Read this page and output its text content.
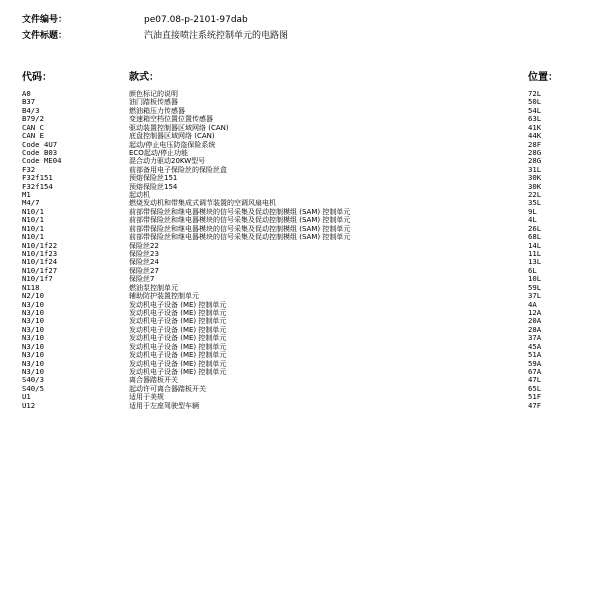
文件编号：	pe07.08-p-2101-97dab
文件标题：	汽油直接喷注系统控制单元的电路图
代码：	款式：	位置：
A0	颜色标记的说明	72L
B37	油门踏板传感器	50L
B4/3	燃油箱压力传感器	54L
B79/2	变速箱空档位置位置传感器	63L
CAN C	驱动装置控制器区域网络 (CAN)	41K
CAN E	底盘控制器区域网络 (CAN)	44K
Code 4U7	起动/停止电压防盗保险系统	28F
Code B03	ECO起动/停止功能	28G
Code ME04	混合动力驱动20KW型号	28G
F32	前部备用电子保险丝的保险丝盒	31L
F32f151	预熔保险丝151	30K
F32f154	预熔保险丝154	30K
M1	起动机	22L
M4/7	燃烧发动机和带集成式调节装置的空调风扇电机	35L
N10/1	前部带保险丝和继电器模块的信号采集及促动控制模组 (SAM) 控制单元	9L
N10/1	前部带保险丝和继电器模块的信号采集及促动控制模组 (SAM) 控制单元	4L
N10/1	前部带保险丝和继电器模块的信号采集及促动控制模组 (SAM) 控制单元	26L
N10/1	前部带保险丝和继电器模块的信号采集及促动控制模组 (SAM) 控制单元	68L
N10/1f22	保险丝22	14L
N10/1f23	保险丝23	11L
N10/1f24	保险丝24	13L
N10/1f27	保险丝27	6L
N10/1f7	保险丝7	10L
N118	燃油泵控制单元	59L
N2/10	辅助防护装置控制单元	37L
N3/10	发动机电子设备 (ME) 控制单元	4A
N3/10	发动机电子设备 (ME) 控制单元	12A
N3/10	发动机电子设备 (ME) 控制单元	20A
N3/10	发动机电子设备 (ME) 控制单元	28A
N3/10	发动机电子设备 (ME) 控制单元	37A
N3/10	发动机电子设备 (ME) 控制单元	45A
N3/10	发动机电子设备 (ME) 控制单元	51A
N3/10	发动机电子设备 (ME) 控制单元	59A
N3/10	发动机电子设备 (ME) 控制单元	67A
S40/3	离合器踏板开关	47L
S40/5	起动许可离合器踏板开关	65L
U1	适用于美规	51F
U12	适用于左座驾驶型车辆	47F
